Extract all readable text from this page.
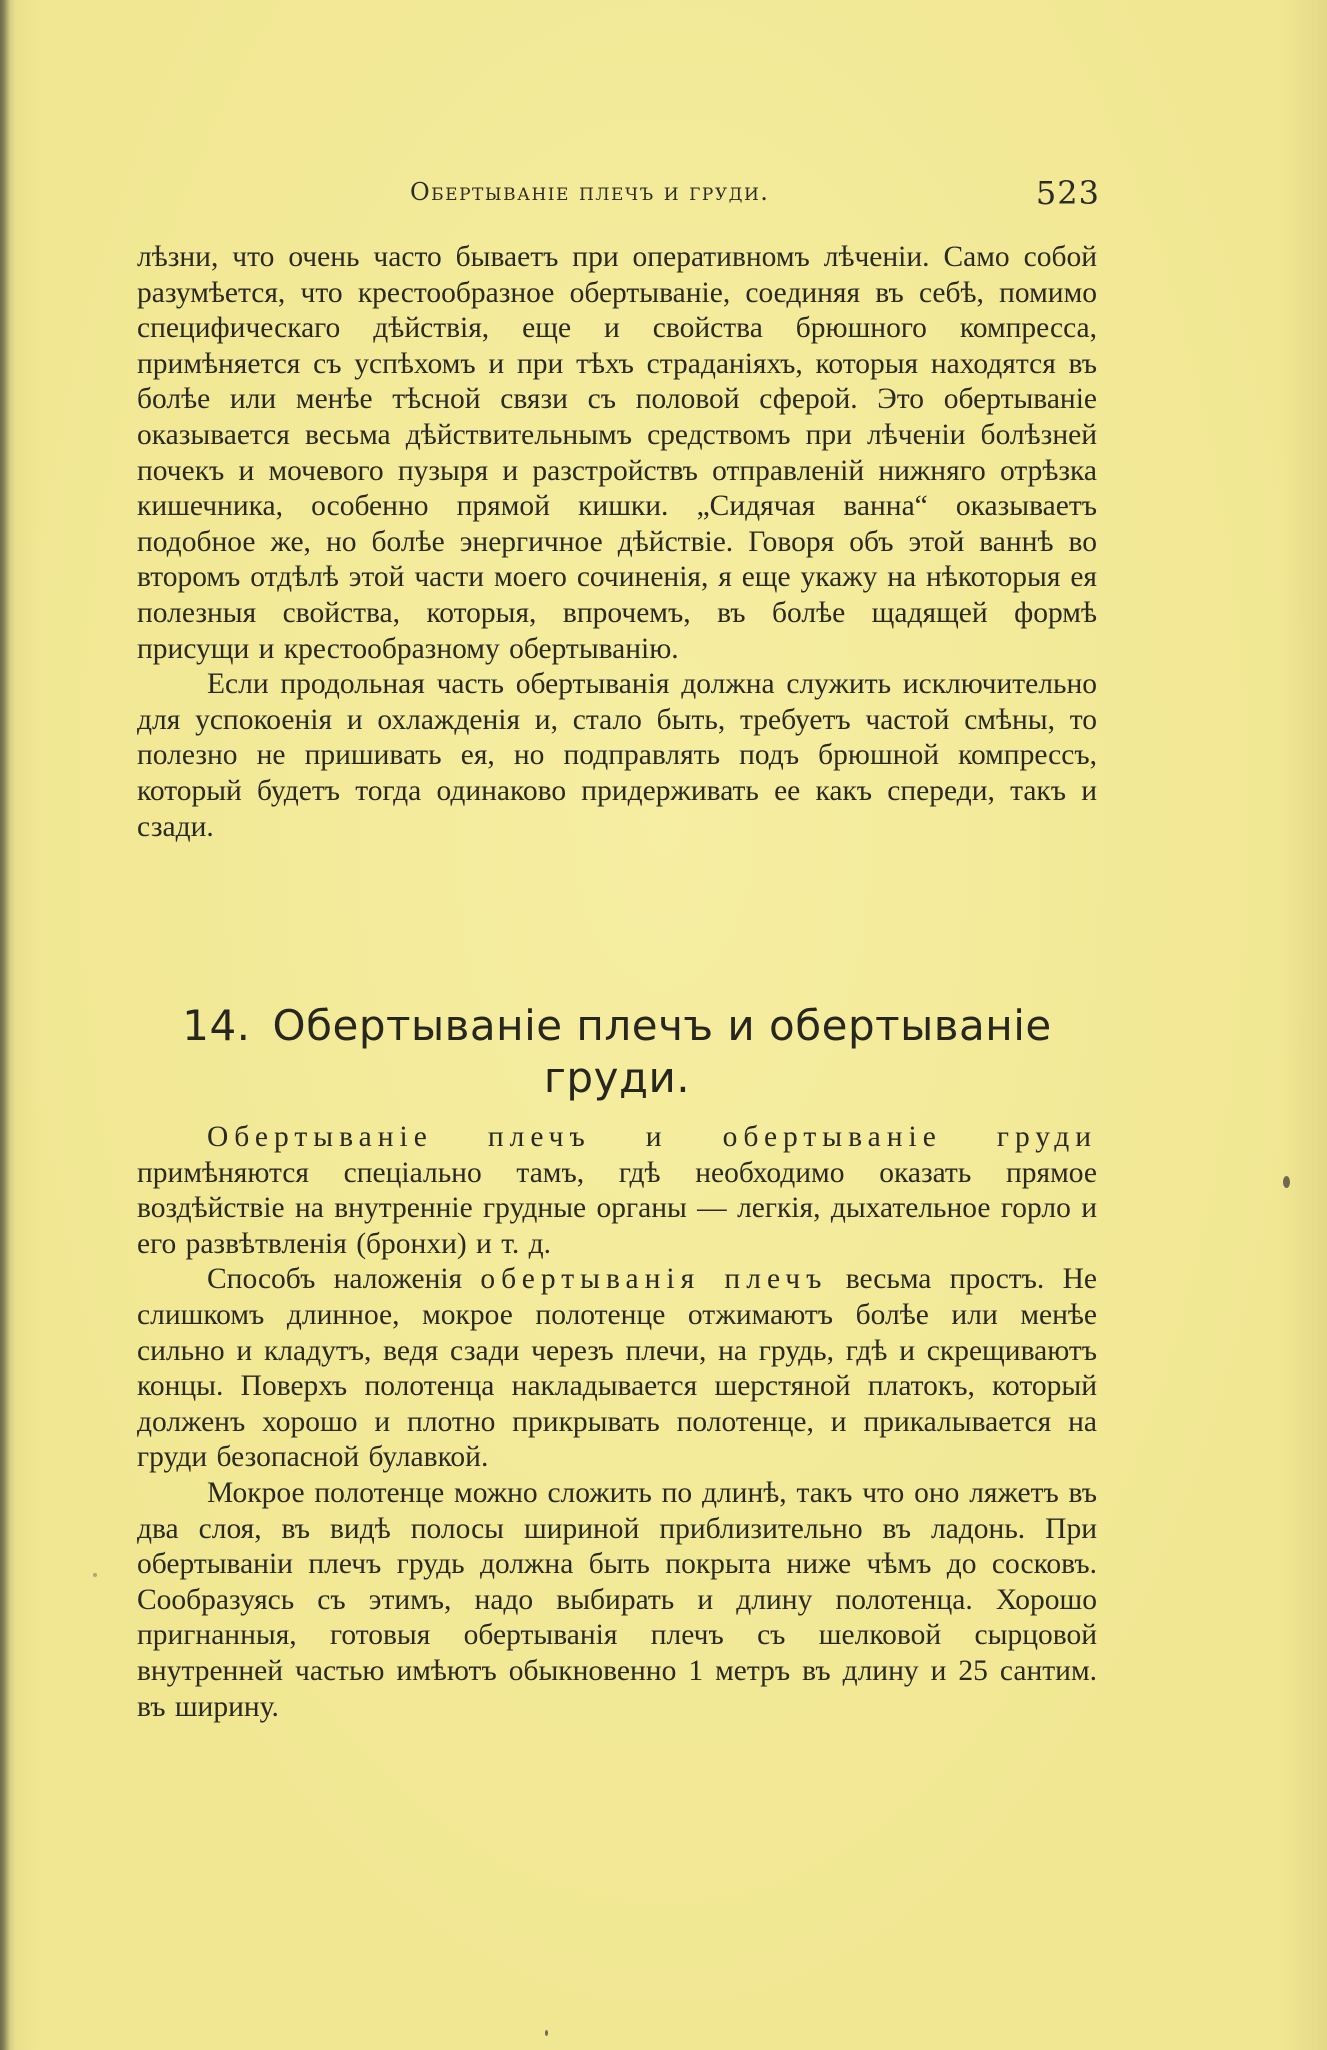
Обертываніе плечъ и груди.	523

лѣзни, что очень часто бываетъ при оперативномъ лѣченіи. Само собой разумѣется, что крестообразное обертываніе, соединяя въ себѣ, помимо специфическаго дѣйствія, еще и свойства брюшного компресса, примѣняется съ успѣхомъ и при тѣхъ страданіяхъ, которыя находятся въ болѣе или менѣе тѣсной связи съ половой сферой. Это обертываніе оказывается весьма дѣйствительнымъ средствомъ при лѣченіи болѣзней почекъ и мочевого пузыря и разстройствъ отправленій нижняго отрѣзка кишечника, особенно прямой кишки. „Сидячая ванна“ оказываетъ подобное же, но болѣе энергичное дѣйствіе. Говоря объ этой ваннѣ во второмъ отдѣлѣ этой части моего сочиненія, я еще укажу на нѣкоторыя ея полезныя свойства, которыя, впрочемъ, въ болѣе щадящей формѣ присущи и крестообразному обертыванію.

Если продольная часть обертыванія должна служить исключительно для успокоенія и охлажденія и, стало быть, требуетъ частой смѣны, то полезно не пришивать ея, но подправлять подъ брюшной компрессъ, который будетъ тогда одинаково придерживать ее какъ спереди, такъ и сзади.

14. Обертываніе плечъ и обертываніе груди.

Обертываніе плечъ и обертываніе груди примѣняются спеціально тамъ, гдѣ необходимо оказать прямое воздѣйствіе на внутренніе грудные органы — легкія, дыхательное горло и его развѣтвленія (бронхи) и т. д.

Способъ наложенія обертыванія плечъ весьма простъ. Не слишкомъ длинное, мокрое полотенце отжимаютъ болѣе или менѣе сильно и кладутъ, ведя сзади черезъ плечи, на грудь, гдѣ и скрещиваютъ концы. Поверхъ полотенца накладывается шерстяной платокъ, который долженъ хорошо и плотно прикрывать полотенце, и прикалывается на груди безопасной булавкой.

Мокрое полотенце можно сложить по длинѣ, такъ что оно ляжетъ въ два слоя, въ видѣ полосы шириной приблизительно въ ладонь. При обертываніи плечъ грудь должна быть покрыта ниже чѣмъ до сосковъ. Сообразуясь съ этимъ, надо выбирать и длину полотенца. Хорошо пригнанныя, готовыя обертыванія плечъ съ шелковой сырцовой внутренней частью имѣютъ обыкновенно 1 метръ въ длину и 25 сантим. въ ширину.
